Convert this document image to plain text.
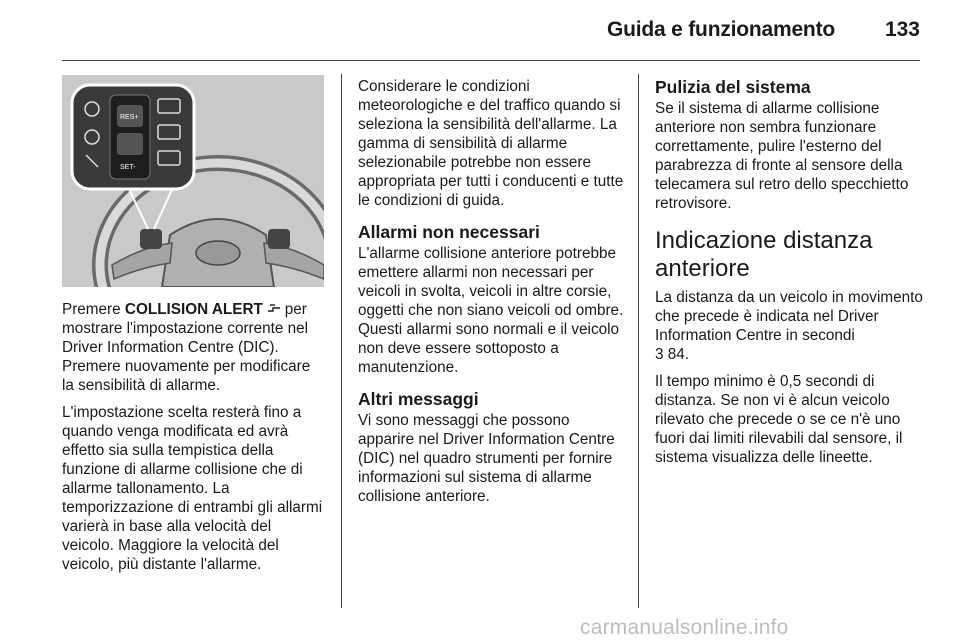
Guida e funzionamento	133
RES+
SET-

Premere COLLISION ALERT  per mostrare l'impostazione corrente nel Driver Information Centre (DIC). Premere nuovamente per modificare la sensibilità di allarme.

L'impostazione scelta resterà fino a quando venga modificata ed avrà effetto sia sulla tempistica della funzione di allarme collisione che di allarme tallonamento. La temporizzazione di entrambi gli allarmi varierà in base alla velocità del veicolo. Maggiore la velocità del veicolo, più distante l'allarme.

Considerare le condizioni meteorologiche e del traffico quando si seleziona la sensibilità dell'allarme. La gamma di sensibilità di allarme selezionabile potrebbe non essere appropriata per tutti i conducenti e tutte le condizioni di guida.

Allarmi non necessari

L'allarme collisione anteriore potrebbe emettere allarmi non necessari per veicoli in svolta, veicoli in altre corsie, oggetti che non siano veicoli od ombre. Questi allarmi sono normali e il veicolo non deve essere sottoposto a manutenzione.

Altri messaggi

Vi sono messaggi che possono apparire nel Driver Information Centre (DIC) nel quadro strumenti per fornire informazioni sul sistema di allarme collisione anteriore.

Pulizia del sistema

Se il sistema di allarme collisione anteriore non sembra funzionare correttamente, pulire l'esterno del parabrezza di fronte al sensore della telecamera sul retro dello specchietto retrovisore.

Indicazione distanza anteriore

La distanza da un veicolo in movimento che precede è indicata nel Driver Information Centre in secondi
3 84.

Il tempo minimo è 0,5 secondi di distanza. Se non vi è alcun veicolo rilevato che precede o se ce n'è uno fuori dai limiti rilevabili dal sensore, il sistema visualizza delle lineette.

carmanualsonline.info
